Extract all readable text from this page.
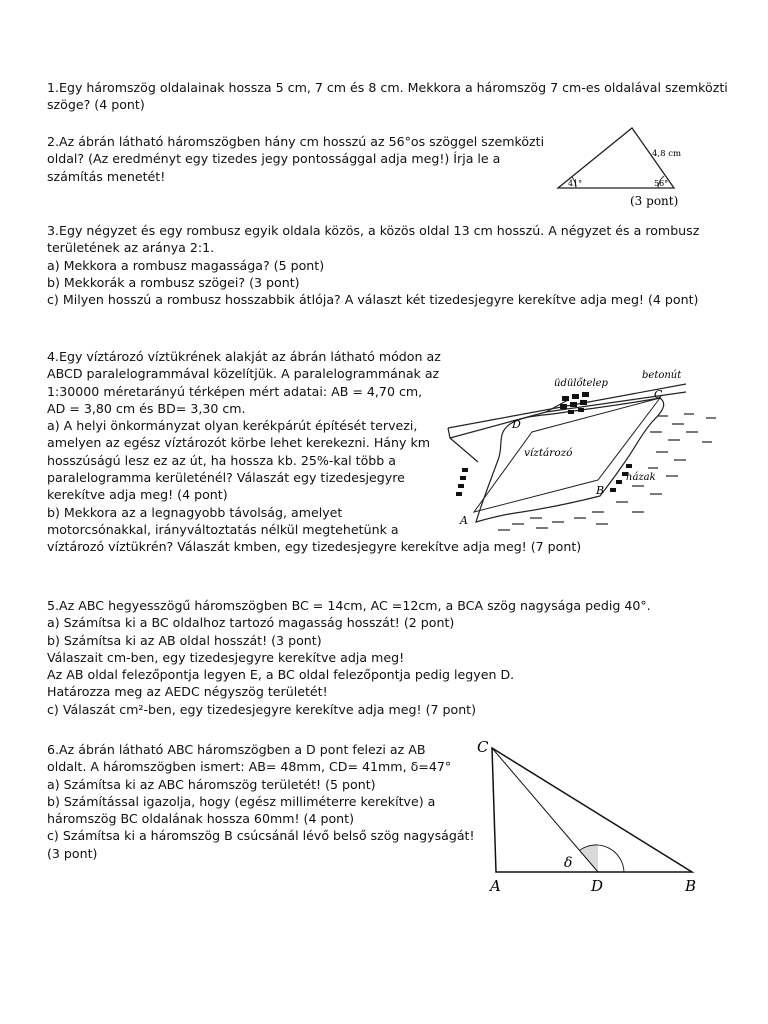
1.Egy háromszög oldalainak hossza 5 cm, 7 cm és 8 cm. Mekkora a háromszög 7 cm-es oldalával szemközti
szöge? (4 pont)
2.Az ábrán látható háromszögben hány cm hosszú az 56°os szöggel szemközti
oldal? (Az eredményt egy tizedes jegy pontossággal adja meg!) Írja le a
számítás menetét!
4,8 cm
41°	56°
(3 pont)
3.Egy négyzet és egy rombusz egyik oldala közös, a közös oldal 13 cm hosszú. A négyzet és a rombusz
területének az aránya 2:1.
a) Mekkora a rombusz magassága? (5 pont)
b) Mekkorák a rombusz szögei? (3 pont)
c) Milyen hosszú a rombusz hosszabbik átlója? A választ két tizedesjegyre kerekítve adja meg! (4 pont)
4.Egy víztározó víztükrének alakját az ábrán látható módon az
ABCD paralelogrammával közelítjük. A paralelogrammának az
1:30000 méretarányú térképen mért adatai: AB = 4,70 cm,
AD = 3,80 cm és BD= 3,30 cm.
a) A helyi önkormányzat olyan kerékpárút építését tervezi,
amelyen az egész víztározót körbe lehet kerekezni. Hány km
hosszúságú lesz ez az út, ha hossza kb. 25%-kal több a
paralelogramma kerületénél? Válaszát egy tizedesjegyre
kerekítve adja meg! (4 pont)
b) Mekkora az a legnagyobb távolság, amelyet
motorcsónakkal, irányváltoztatás nélkül megtehetünk a
víztározó víztükrén? Válaszát kmben, egy tizedesjegyre kerekítve adja meg! (7 pont)
üdülőtelep
betonút
víztározó
házak
A
B
C
D
5.Az ABC hegyesszögű háromszögben BC = 14cm, AC =12cm, a BCA szög nagysága pedig 40°.
a) Számítsa ki a BC oldalhoz tartozó magasság hosszát! (2 pont)
b) Számítsa ki az AB oldal hosszát! (3 pont)
Válaszait cm-ben, egy tizedesjegyre kerekítve adja meg!
Az AB oldal felezőpontja legyen E, a BC oldal felezőpontja pedig legyen D.
Határozza meg az AEDC négyszög területét!
c) Válaszát cm²-ben, egy tizedesjegyre kerekítve adja meg! (7 pont)
6.Az ábrán látható ABC háromszögben a D pont felezi az AB
oldalt. A háromszögben ismert: AB= 48mm, CD= 41mm, δ=47°
a) Számítsa ki az ABC háromszög területét! (5 pont)
b) Számítással igazolja, hogy (egész milliméterre kerekítve) a
háromszög BC oldalának hossza 60mm! (4 pont)
c) Számítsa ki a háromszög B csúcsánál lévő belső szög nagyságát!
(3 pont)
δ
C
A	D	B
